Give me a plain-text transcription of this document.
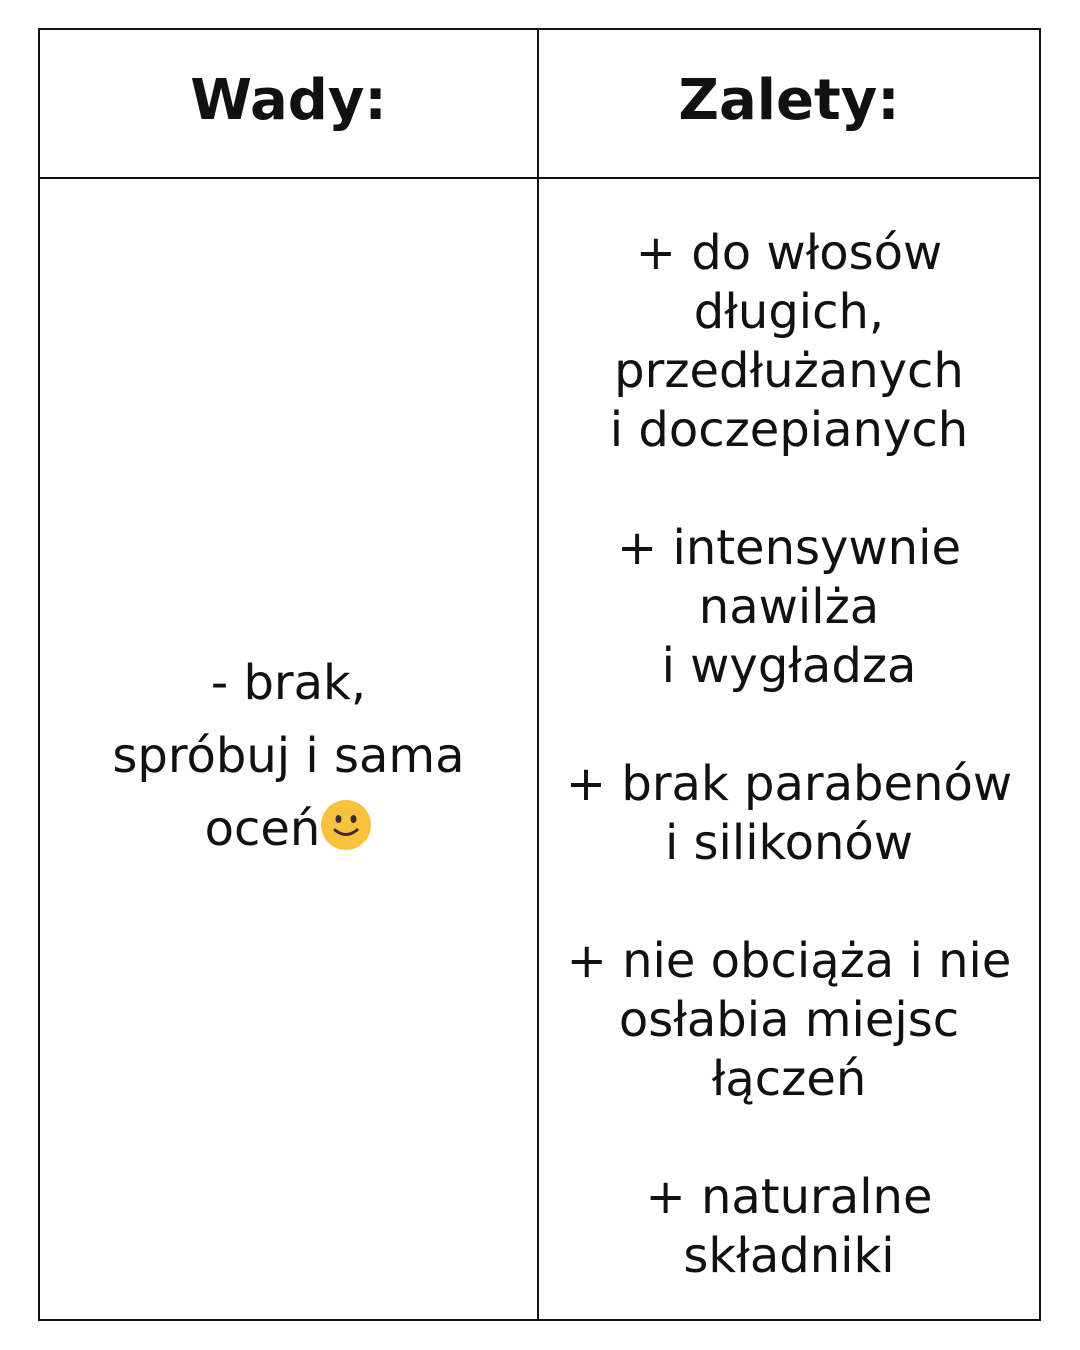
Wady:	Zalety:
- brak,
spróbuj i sama
oceń
+ do włosów
długich,
przedłużanych
i doczepianych
+ intensywnie
nawilża
i wygładza
+ brak parabenów
i silikonów
+ nie obciąża i nie
osłabia miejsc
łączeń
+ naturalne
składniki
